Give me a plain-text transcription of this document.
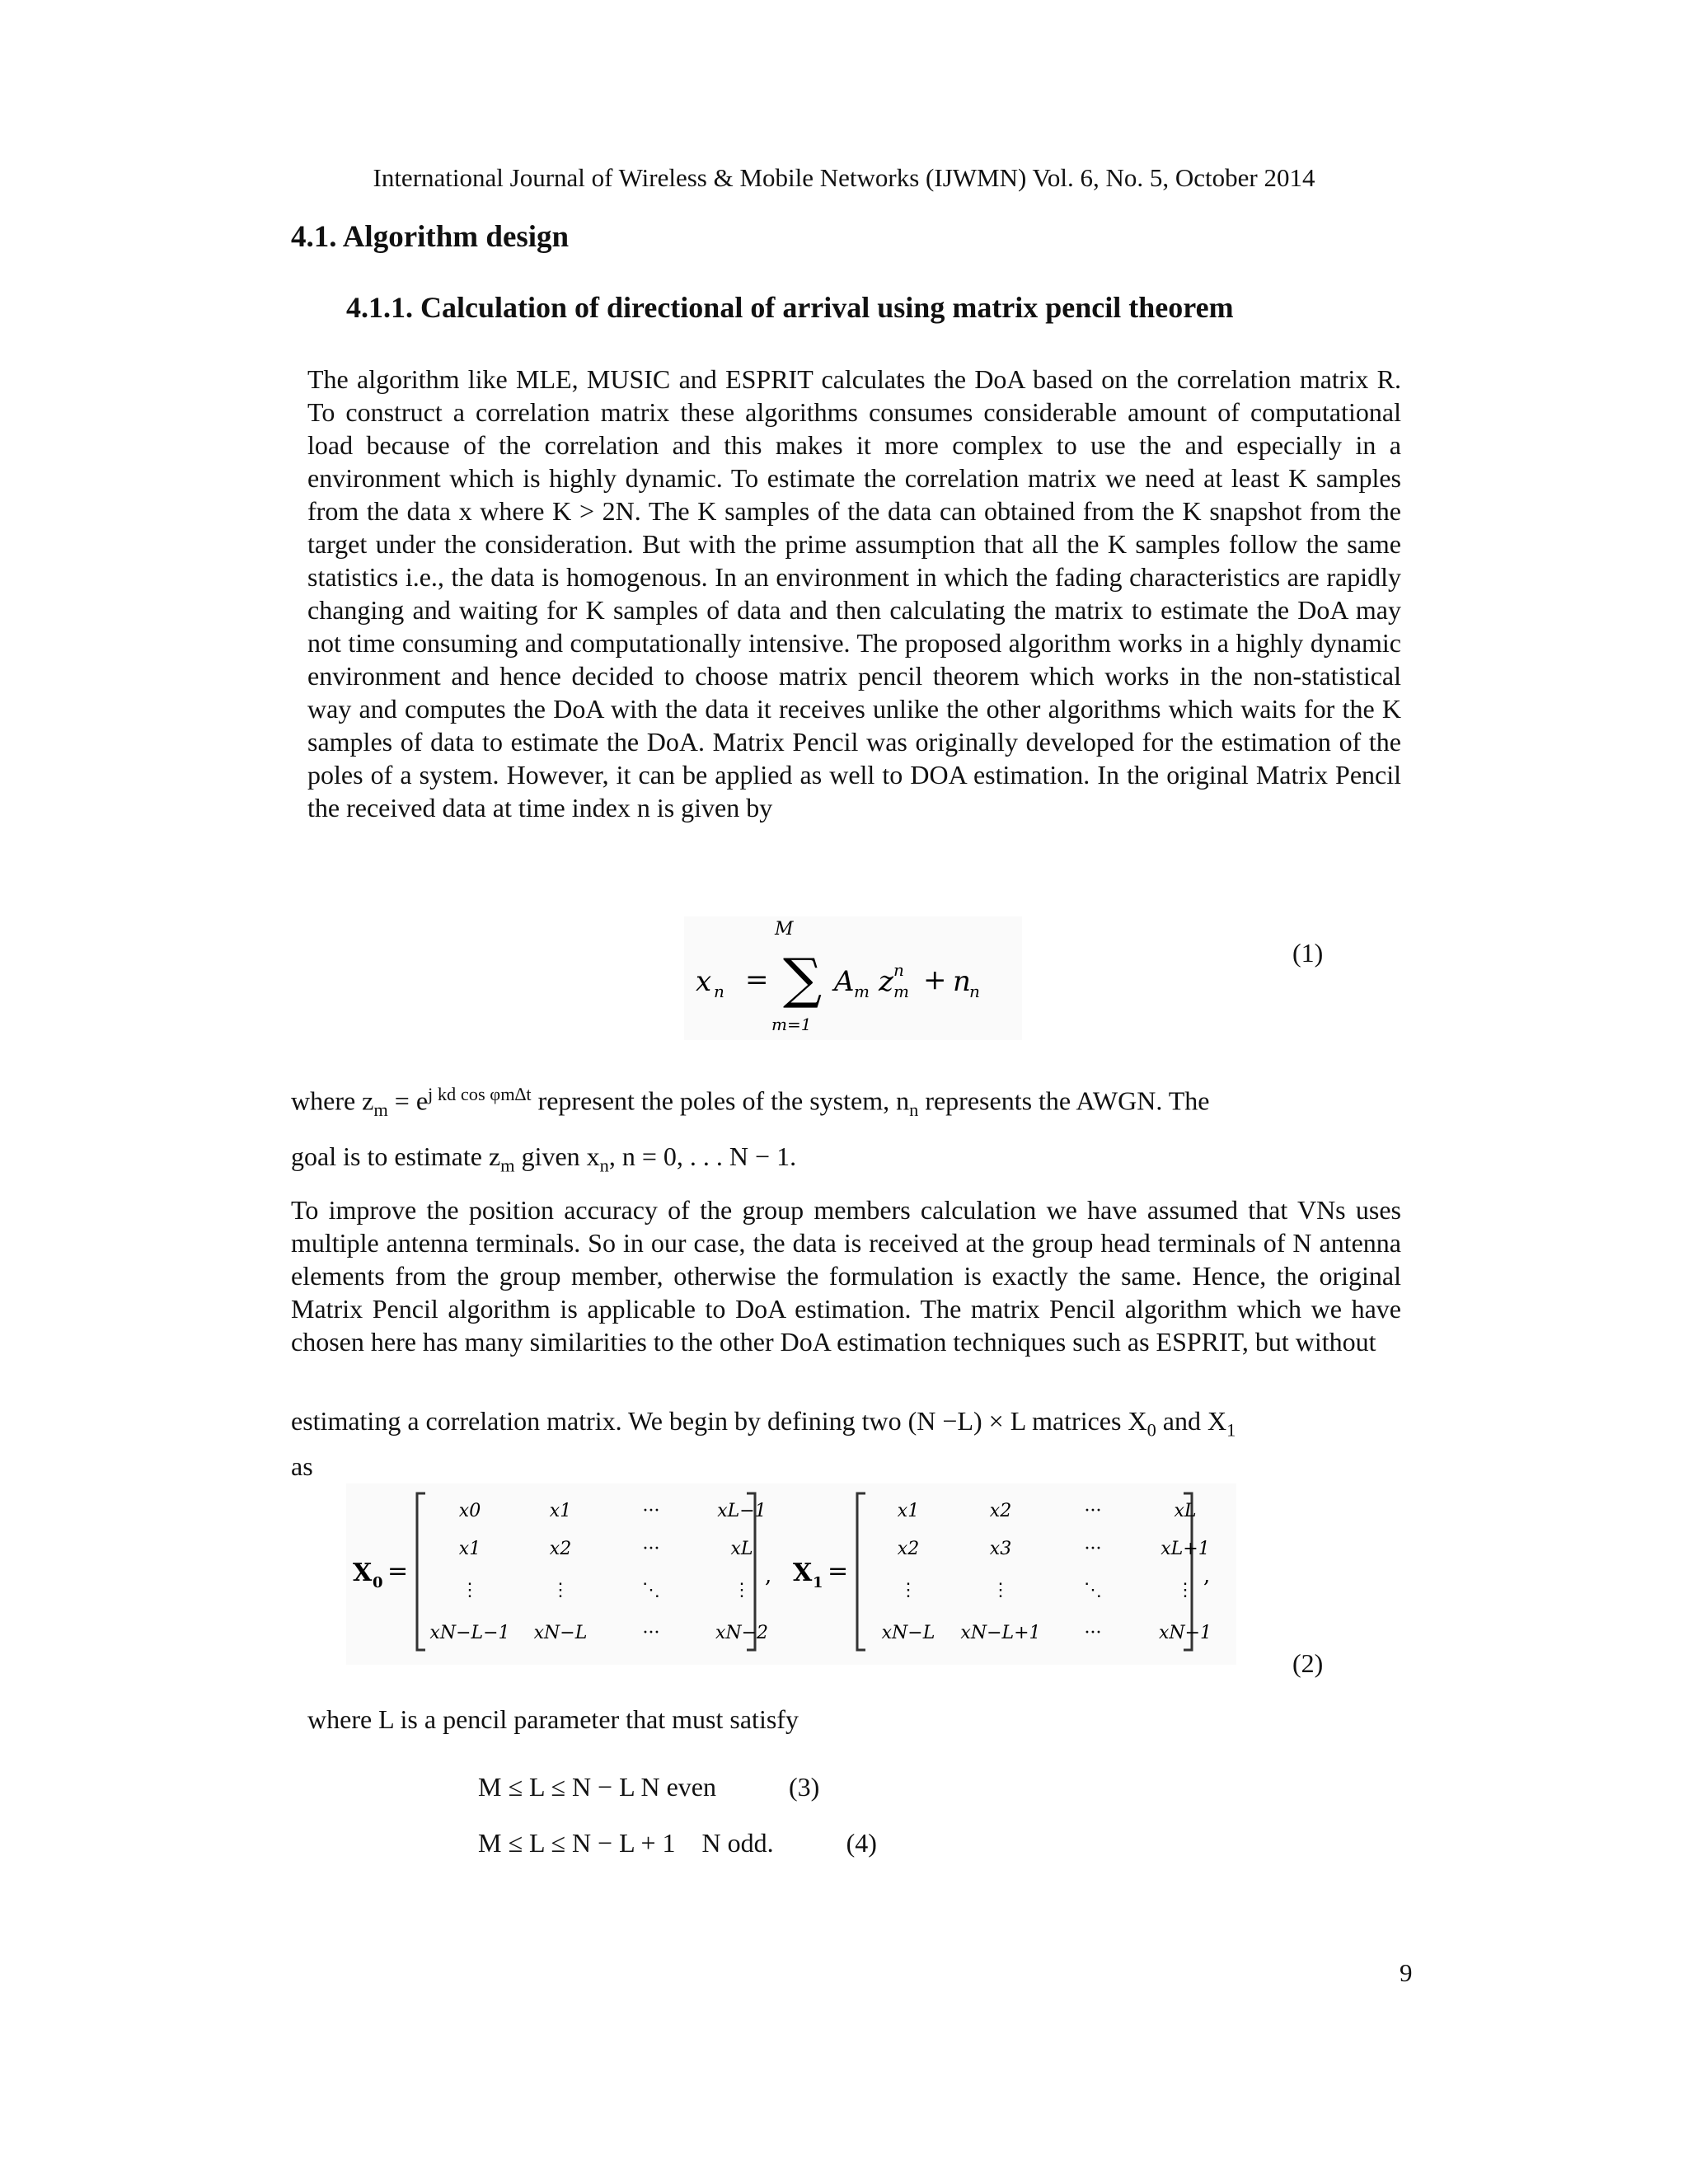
International Journal of Wireless & Mobile Networks (IJWMN) Vol. 6, No. 5, October 2014
4.1. Algorithm design
4.1.1. Calculation of directional of arrival using matrix pencil theorem

The algorithm like MLE, MUSIC and ESPRIT calculates the DoA based on the correlation matrix R. To construct a correlation matrix these algorithms consumes considerable amount of computational load because of the correlation and this makes it more complex to use the and especially in a environment which is highly dynamic. To estimate the correlation matrix we need at least K samples from the data x where K > 2N. The K samples of the data can obtained from the K snapshot from the target under the consideration. But with the prime assumption that all the K samples follow the same statistics i.e., the data is homogenous. In an environment in which the fading characteristics are rapidly changing and waiting for K samples of data and then calculating the matrix to estimate the DoA may not time consuming and computationally intensive. The proposed algorithm works in a highly dynamic environment and hence decided to choose matrix pencil theorem which works in the non-statistical way and computes the DoA with the data it receives unlike the other algorithms which waits for the K samples of data to estimate the DoA. Matrix Pencil was originally developed for the estimation of the poles of a system. However, it can be applied as well to DOA estimation. In the original Matrix Pencil the received data at time index n is given by

M
x n = ∑
m=1
A m z n
m + n
n
(1)

where $z_m = e^{j kd cos \varphi m\Delta t}$ represent the poles of the system, $n_n$ represents the AWGN. The

goal is to estimate $z_m$ given $x_n$, n = 0, . . . N − 1.

To improve the position accuracy of the group members calculation we have assumed that VNs uses multiple antenna terminals. So in our case, the data is received at the group head terminals of N antenna elements from the group member, otherwise the formulation is exactly the same. Hence, the original Matrix Pencil algorithm is applicable to DoA estimation. The matrix Pencil algorithm which we have chosen here has many similarities to the other DoA estimation techniques such as ESPRIT, but without

estimating a correlation matrix. We begin by defining two (N −L) × L matrices $X_0$ and $X_1$
as
X 0 =	, X 1 =	,
x0	x1	···	xL−1
x1	x2	···	xL
⋮	⋮	⋱	⋮
xN−L−1 xN−L	···	xN−2
x1	x2	···	xL
x2	x3	···	xL+1
⋮	⋮	⋱	⋮
xN−L xN−L+1 ···	xN−1
(2)
where L is a pencil parameter that must satisfy
M ≤ L ≤ N − L N even	(3)
M ≤ L ≤ N − L + 1    N odd.	(4)
9
